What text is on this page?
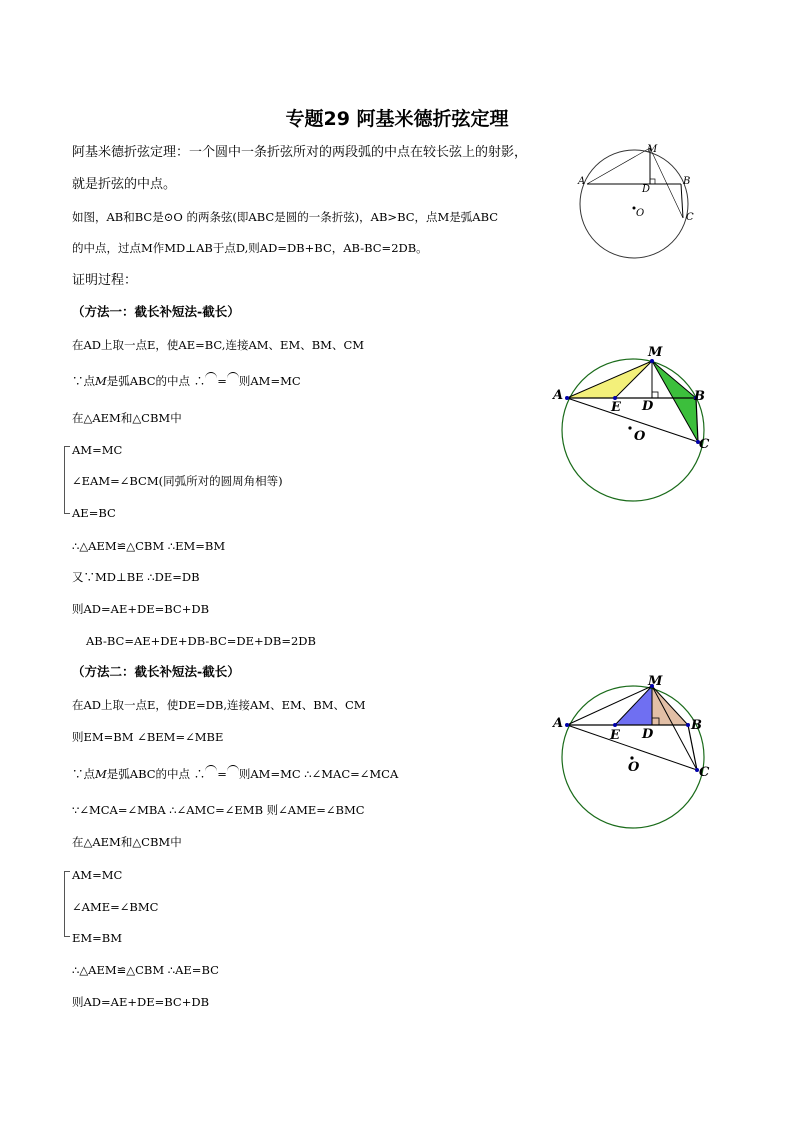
专题29 阿基米德折弦定理
阿基米德折弦定理：一个圆中一条折弦所对的两段弧的中点在较长弦上的射影，
就是折弦的中点。
如图，AB和BC是⊙O 的两条弦(即ABC是圆的一条折弦)，AB>BC，点M是弧ABC
的中点，过点M作MD⊥AB于点D,则AD=DB+BC，AB-BC=2DB。
证明过程：
（方法一：截长补短法-截长）
在AD上取一点E，使AE=BC,连接AM、EM、BM、CM
∵点M是弧ABC的中点 ∴ = 则AM=MC
在△AEM和△CBM中
AM=MC
∠EAM=∠BCM(同弧所对的圆周角相等)
AE=BC
∴△AEM≌△CBM ∴EM=BM
又∵MD⊥BE ∴DE=DB
则AD=AE+DE=BC+DB
AB-BC=AE+DE+DB-BC=DE+DB=2DB
（方法二：截长补短法-截长）
在AD上取一点E，使DE=DB,连接AM、EM、BM、CM
则EM=BM ∠BEM=∠MBE
∵点M是弧ABC的中点 ∴ = 则AM=MC ∴∠MAC=∠MCA
∵∠MCA=∠MBA ∴∠AMC=∠EMB 则∠AME=∠BMC
在△AEM和△CBM中
AM=MC
∠AME=∠BMC
EM=BM
∴△AEM≌△CBM ∴AE=BC
则AD=AE+DE=BC+DB
A	B
C
D
M
O
A	B
C
D
E
M
O
A	B
C
D
E
M
O
